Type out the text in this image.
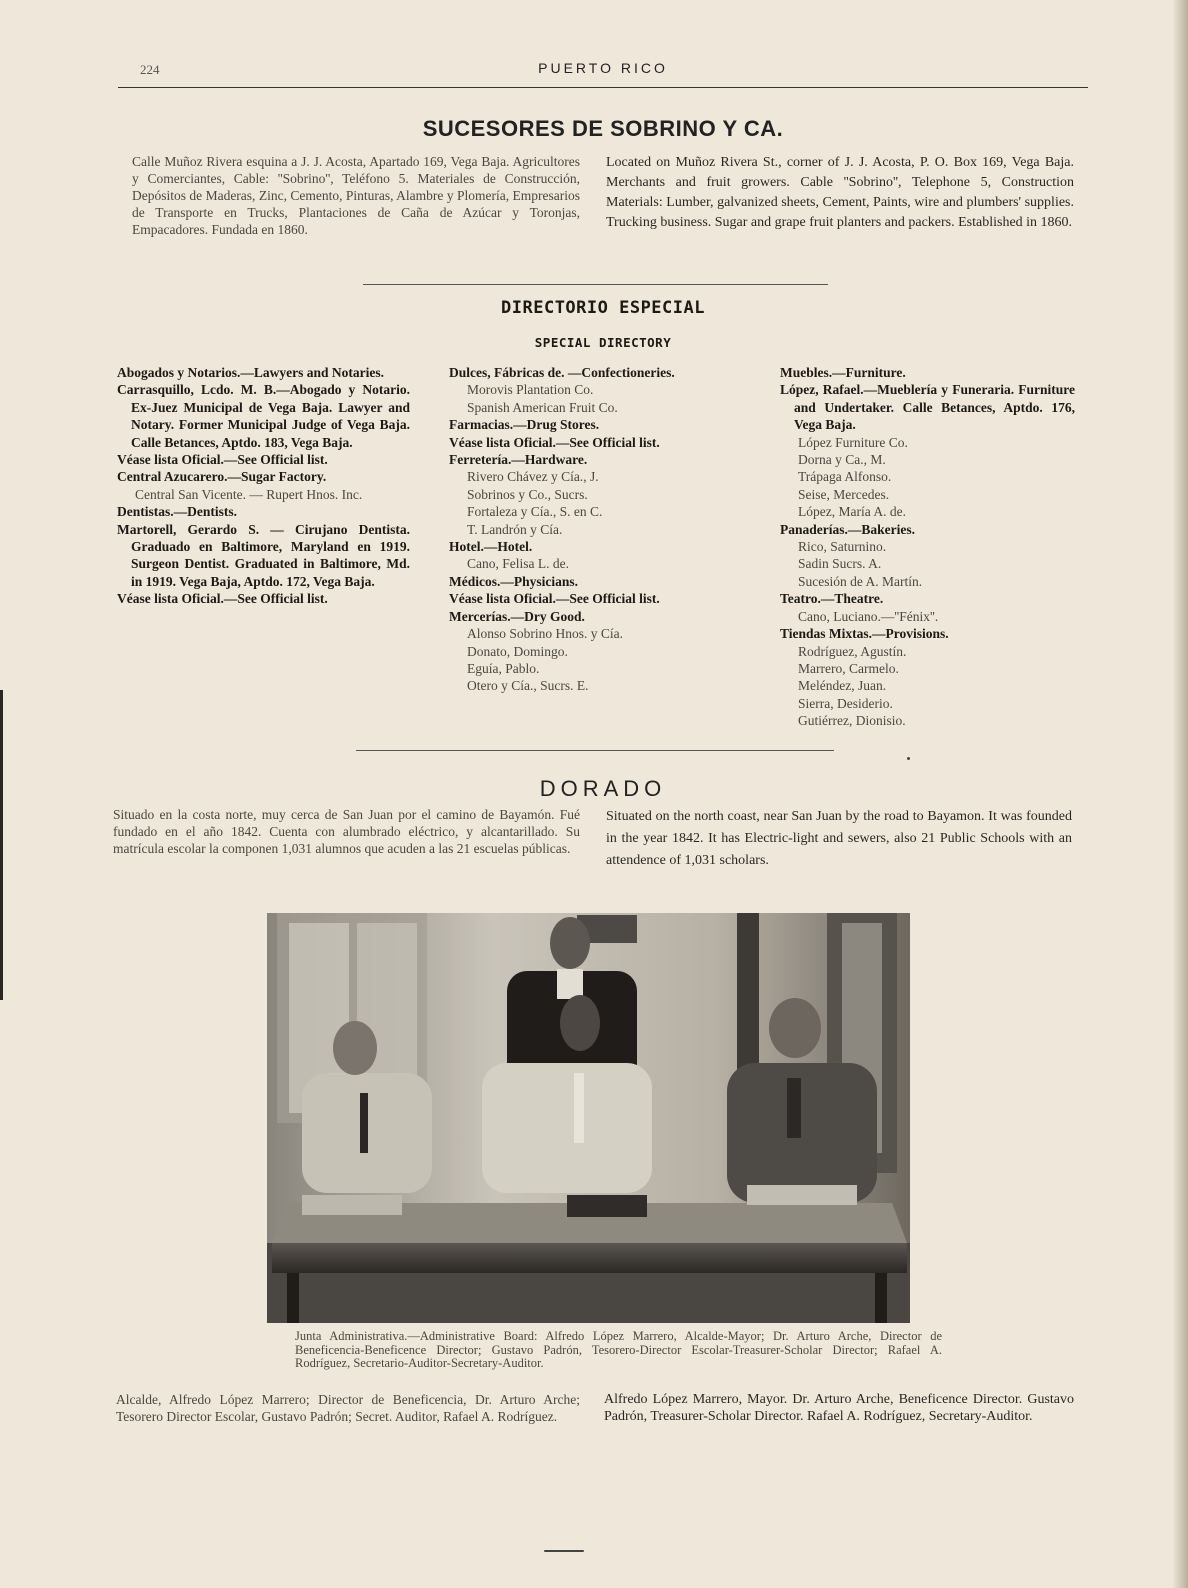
224	PUERTO RICO
SUCESORES DE SOBRINO Y CA.
Calle Muñoz Rivera esquina a J. J. Acosta, Apartado 169, Vega Baja. Agricultores y Comerciantes, Cable: ''Sobrino'', Teléfono 5. Materiales de Construcción, Depósitos de Maderas, Zinc, Cemento, Pinturas, Alambre y Plomería, Empresarios de Transporte en Trucks, Plantaciones de Caña de Azúcar y Toronjas, Empacadores. Fundada en 1860.
Located on Muñoz Rivera St., corner of J. J. Acosta, P. O. Box 169, Vega Baja. Merchants and fruit growers. Cable ''Sobrino'', Telephone 5, Construction Materials: Lumber, galvanized sheets, Cement, Paints, wire and plumbers' supplies. Trucking business. Sugar and grape fruit planters and packers. Established in 1860.
DIRECTORIO ESPECIAL
SPECIAL DIRECTORY
Abogados y Notarios.—Lawyers and Notaries.
Carrasquillo, Lcdo. M. B.—Abogado y Notario. Ex-Juez Municipal de Vega Baja. Lawyer and Notary. Former Municipal Judge of Vega Baja. Calle Betances, Aptdo. 183, Vega Baja.
Véase lista Oficial.—See Official list.
Central Azucarero.—Sugar Factory.
Central San Vicente. — Rupert Hnos. Inc.
Dentistas.—Dentists.
Martorell, Gerardo S. — Cirujano Dentista. Graduado en Baltimore, Maryland en 1919. Surgeon Dentist. Graduated in Baltimore, Md. in 1919. Vega Baja, Aptdo. 172, Vega Baja.
Véase lista Oficial.—See Official list.
Dulces, Fábricas de. —Confectioneries.
Morovis Plantation Co.
Spanish American Fruit Co.
Farmacias.—Drug Stores.
Véase lista Oficial.—See Official list.
Ferretería.—Hardware.
Rivero Chávez y Cía., J.
Sobrinos y Co., Sucrs.
Fortaleza y Cía., S. en C.
T. Landrón y Cía.
Hotel.—Hotel.
Cano, Felisa L. de.
Médicos.—Physicians.
Véase lista Oficial.—See Official list.
Mercerías.—Dry Good.
Alonso Sobrino Hnos. y Cía.
Donato, Domingo.
Eguía, Pablo.
Otero y Cía., Sucrs. E.
Muebles.—Furniture.
López, Rafael.—Mueblería y Funeraria. Furniture and Undertaker. Calle Betances, Aptdo. 176, Vega Baja.
López Furniture Co.
Dorna y Ca., M.
Trápaga Alfonso.
Seise, Mercedes.
López, María A. de.
Panaderías.—Bakeries.
Rico, Saturnino.
Sadin Sucrs. A.
Sucesión de A. Martín.
Teatro.—Theatre.
Cano, Luciano.—''Fénix''.
Tiendas Mixtas.—Provisions.
Rodríguez, Agustín.
Marrero, Carmelo.
Meléndez, Juan.
Sierra, Desiderio.
Gutiérrez, Dionisio.
DORADO
Situado en la costa norte, muy cerca de San Juan por el camino de Bayamón. Fué fundado en el año 1842. Cuenta con alumbrado eléctrico, y alcantarillado. Su matrícula escolar la componen 1,031 alumnos que acuden a las 21 escuelas públicas.
Situated on the north coast, near San Juan by the road to Bayamon. It was founded in the year 1842. It has Electric-light and sewers, also 21 Public Schools with an attendence of 1,031 scholars.
Junta Administrativa.—Administrative Board: Alfredo López Marrero, Alcalde-Mayor; Dr. Arturo Arche, Director de Beneficencia-Beneficence Director; Gustavo Padrón, Tesorero-Director Escolar-Treasurer-Scholar Director; Rafael A. Rodríguez, Secretario-Auditor-Secretary-Auditor.
Alcalde, Alfredo López Marrero; Director de Beneficencia, Dr. Arturo Arche; Tesorero Director Escolar, Gustavo Padrón; Secret. Auditor, Rafael A. Rodríguez.
Alfredo López Marrero, Mayor. Dr. Arturo Arche, Beneficence Director. Gustavo Padrón, Treasurer-Scholar Director. Rafael A. Rodríguez, Secretary-Auditor.
